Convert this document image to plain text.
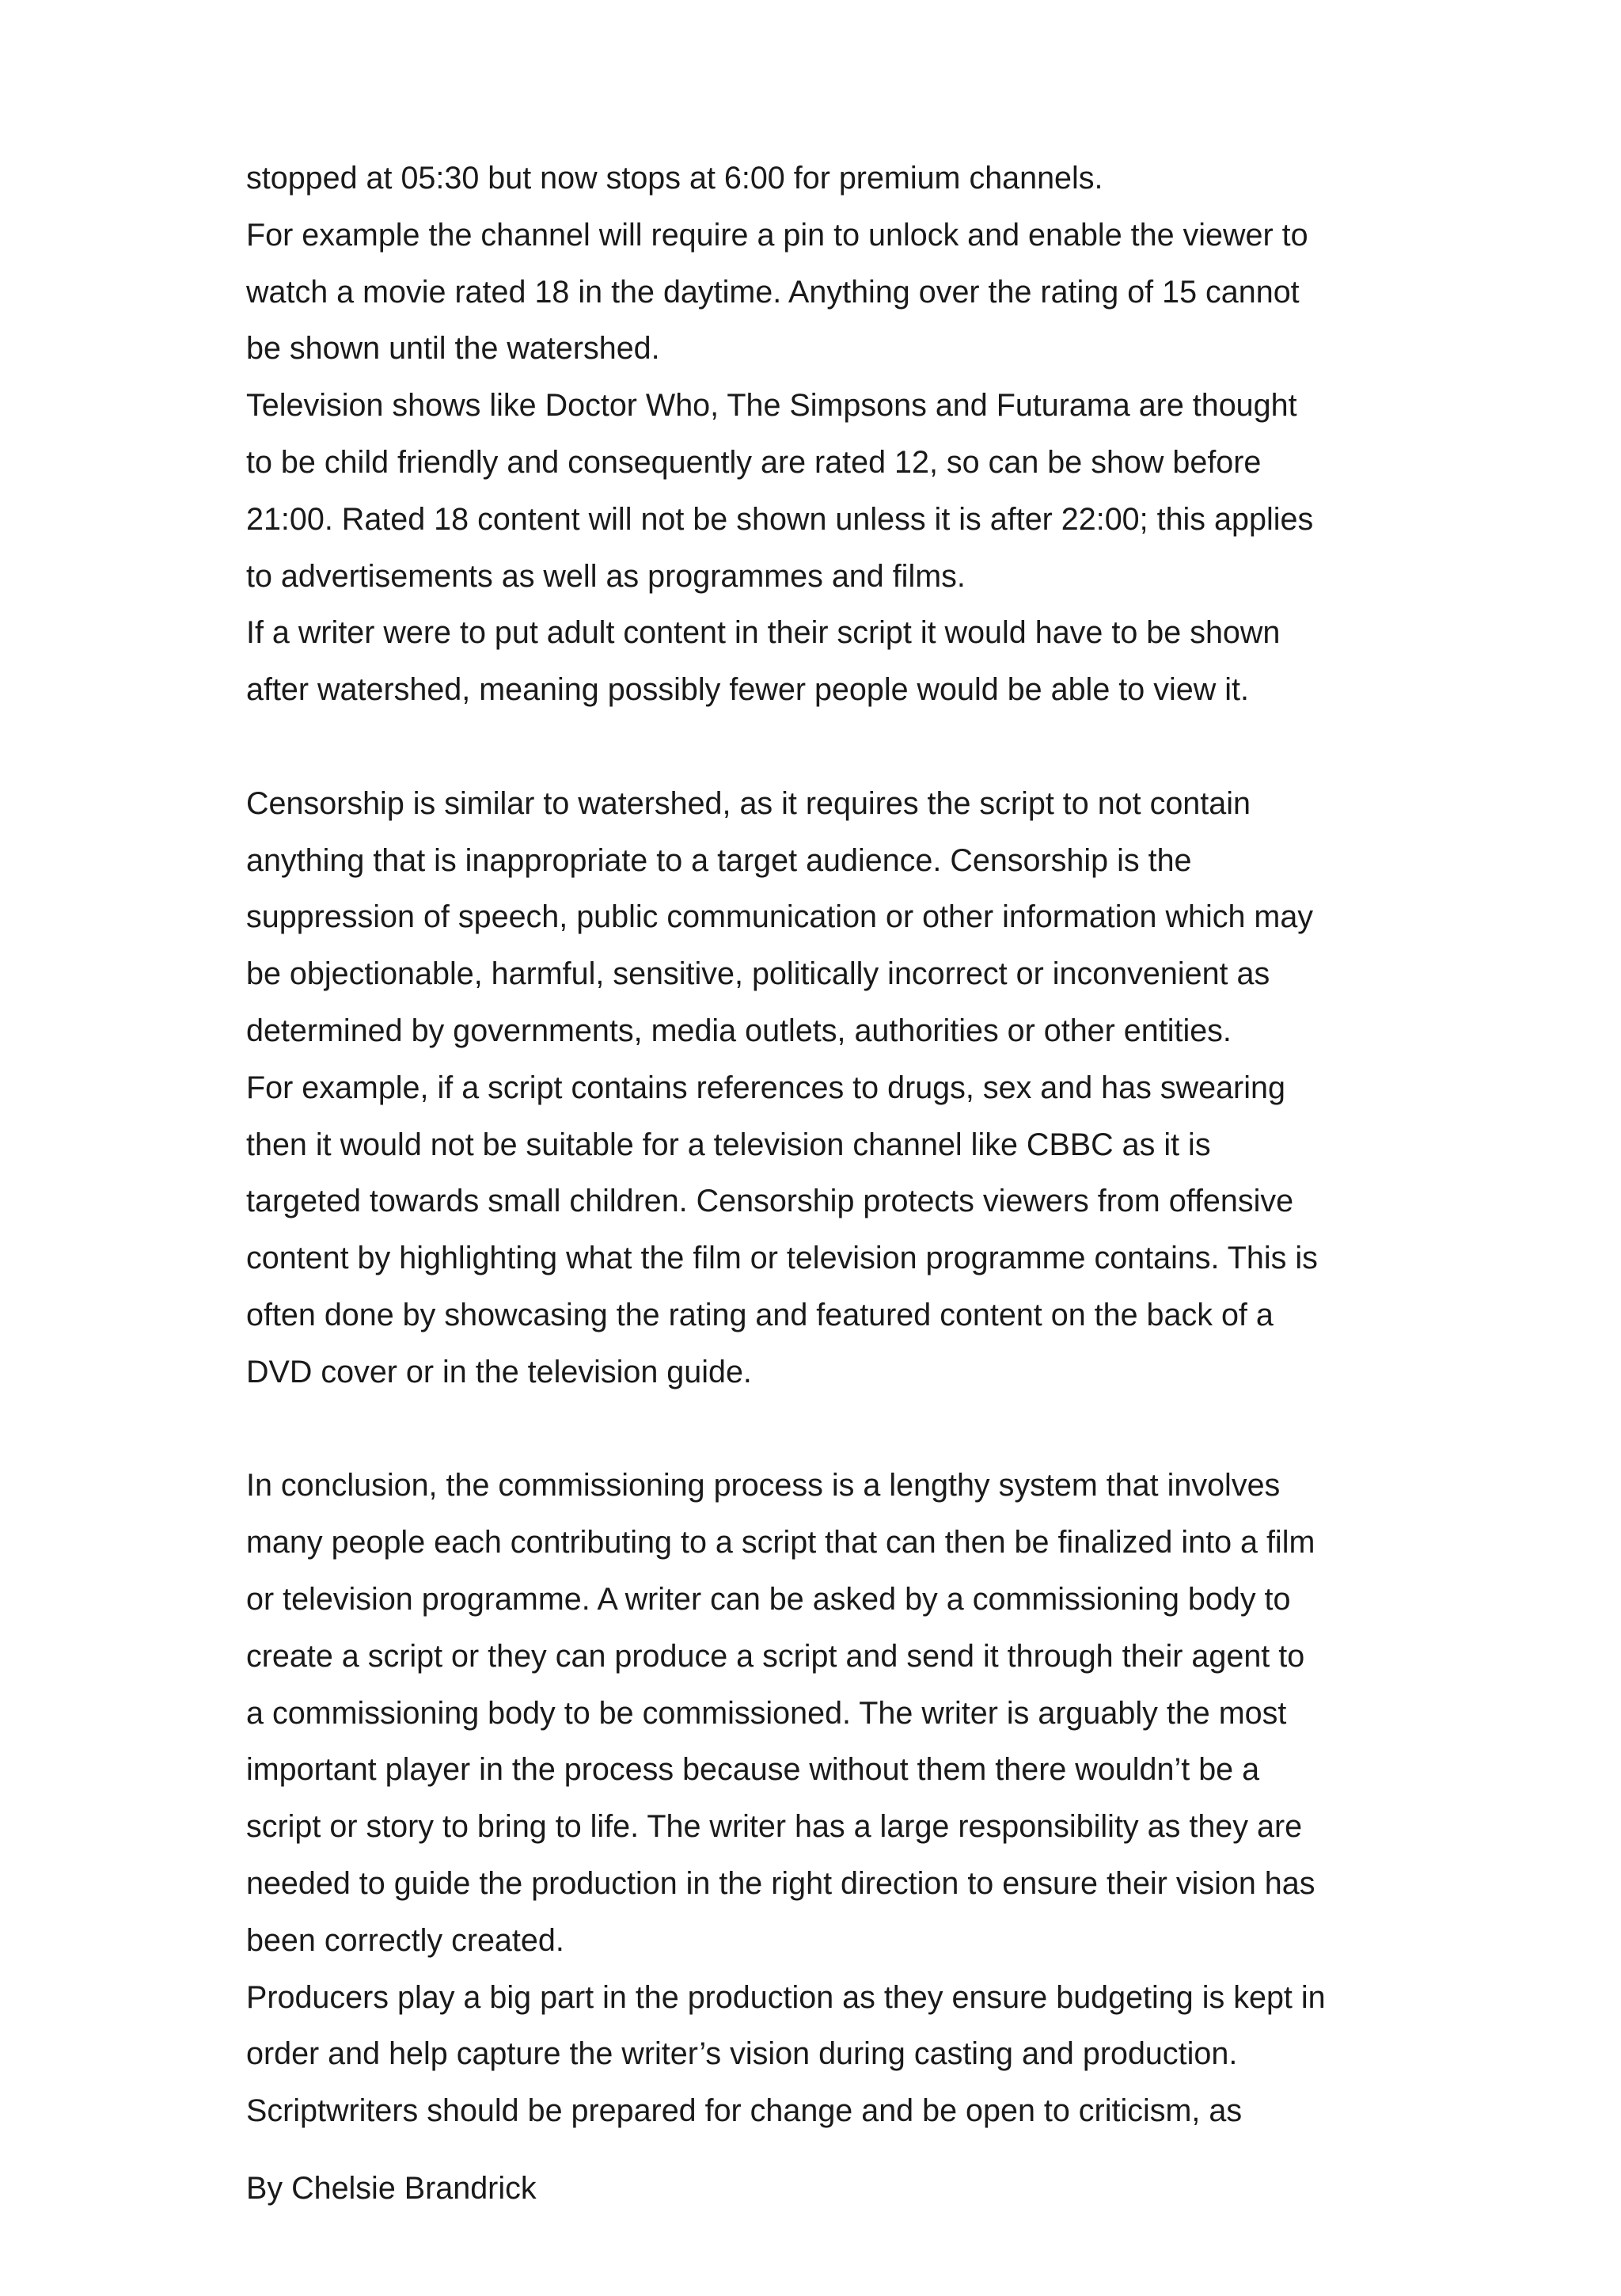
stopped at 05:30 but now stops at 6:00 for premium channels.
For example the channel will require a pin to unlock and enable the viewer to
watch a movie rated 18 in the daytime. Anything over the rating of 15 cannot
be shown until the watershed.
Television shows like Doctor Who, The Simpsons and Futurama are thought
to be child friendly and consequently are rated 12, so can be show before
21:00. Rated 18 content will not be shown unless it is after 22:00; this applies
to advertisements as well as programmes and films.
If a writer were to put adult content in their script it would have to be shown
after watershed, meaning possibly fewer people would be able to view it.
Censorship is similar to watershed, as it requires the script to not contain
anything that is inappropriate to a target audience. Censorship is the
suppression of speech, public communication or other information which may
be objectionable, harmful, sensitive, politically incorrect or inconvenient as
determined by governments, media outlets, authorities or other entities.
For example, if a script contains references to drugs, sex and has swearing
then it would not be suitable for a television channel like CBBC as it is
targeted towards small children. Censorship protects viewers from offensive
content by highlighting what the film or television programme contains. This is
often done by showcasing the rating and featured content on the back of a
DVD cover or in the television guide.
In conclusion, the commissioning process is a lengthy system that involves
many people each contributing to a script that can then be finalized into a film
or television programme. A writer can be asked by a commissioning body to
create a script or they can produce a script and send it through their agent to
a commissioning body to be commissioned. The writer is arguably the most
important player in the process because without them there wouldn’t be a
script or story to bring to life. The writer has a large responsibility as they are
needed to guide the production in the right direction to ensure their vision has
been correctly created.
Producers play a big part in the production as they ensure budgeting is kept in
order and help capture the writer’s vision during casting and production.
Scriptwriters should be prepared for change and be open to criticism, as
By Chelsie Brandrick
